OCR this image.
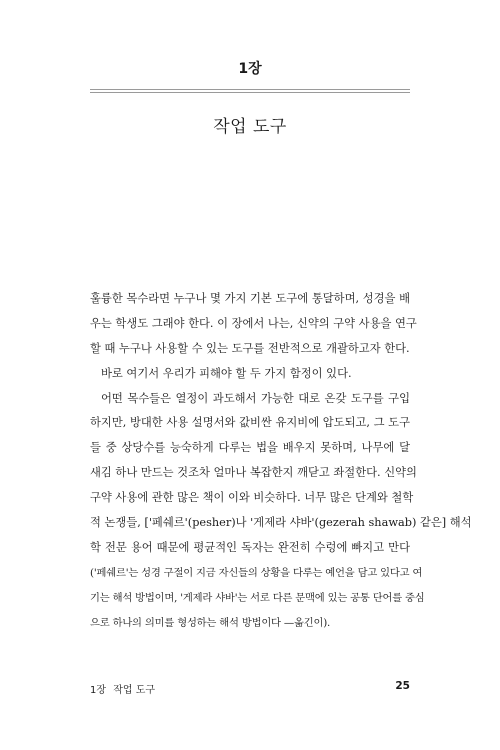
1장
작업 도구
훌륭한 목수라면 누구나 몇 가지 기본 도구에 통달하며, 성경을 배
우는 학생도 그래야 한다. 이 장에서 나는, 신약의 구약 사용을 연구
할 때 누구나 사용할 수 있는 도구를 전반적으로 개괄하고자 한다.
바로 여기서 우리가 피해야 할 두 가지 함정이 있다.
어떤 목수들은 열정이 과도해서 가능한 대로 온갖 도구를 구입
하지만, 방대한 사용 설명서와 값비싼 유지비에 압도되고, 그 도구
들 중 상당수를 능숙하게 다루는 법을 배우지 못하며, 나무에 달
새김 하나 만드는 것조차 얼마나 복잡한지 깨닫고 좌절한다. 신약의
구약 사용에 관한 많은 책이 이와 비슷하다. 너무 많은 단계와 철학
적 논쟁들, ['페쉐르'(pesher)나 '게제라 샤바'(gezerah shawab) 같은] 해석
학 전문 용어 때문에 평균적인 독자는 완전히 수렁에 빠지고 만다
('페쉐르'는 성경 구절이 지금 자신들의 상황을 다루는 예언을 담고 있다고 여
기는 해석 방법이며, '게제라 샤바'는 서로 다른 문맥에 있는 공통 단어를 중심
으로 하나의 의미를 형성하는 해석 방법이다 —옮긴이).
1장 작업 도구	25
